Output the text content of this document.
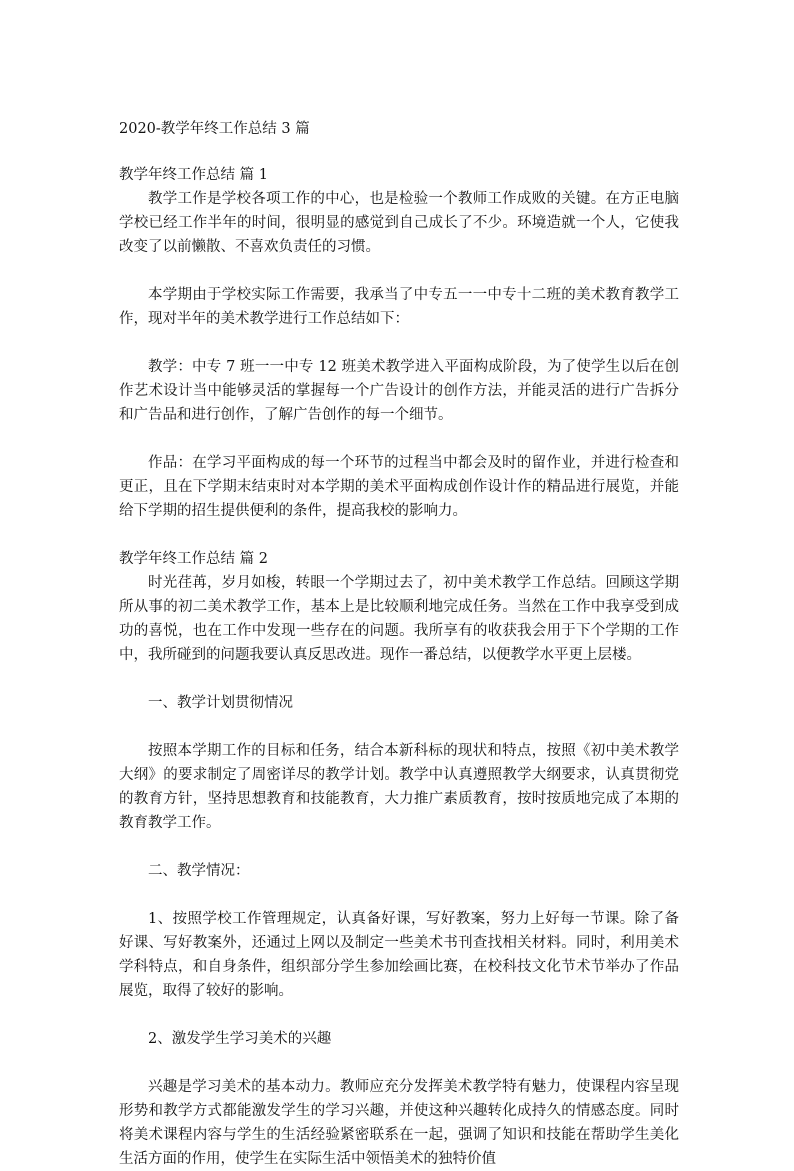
2020-教学年终工作总结 3 篇

教学年终工作总结 篇 1

教学工作是学校各项工作的中心，也是检验一个教师工作成败的关键。在方正电脑学校已经工作半年的时间，很明显的感觉到自己成长了不少。环境造就一个人，它使我改变了以前懒散、不喜欢负责任的习惯。

本学期由于学校实际工作需要，我承当了中专五一一中专十二班的美术教育教学工作，现对半年的美术教学进行工作总结如下：

教学：中专 7 班一一中专 12 班美术教学进入平面构成阶段，为了使学生以后在创作艺术设计当中能够灵活的掌握每一个广告设计的创作方法，并能灵活的进行广告拆分和广告品和进行创作，了解广告创作的每一个细节。

作品：在学习平面构成的每一个环节的过程当中都会及时的留作业，并进行检查和更正，且在下学期末结束时对本学期的美术平面构成创作设计作的精品进行展览，并能给下学期的招生提供便利的条件，提高我校的影响力。

教学年终工作总结 篇 2

时光荏苒，岁月如梭，转眼一个学期过去了，初中美术教学工作总结。回顾这学期所从事的初二美术教学工作，基本上是比较顺利地完成任务。当然在工作中我享受到成功的喜悦，也在工作中发现一些存在的问题。我所享有的收获我会用于下个学期的工作中，我所碰到的问题我要认真反思改进。现作一番总结，以便教学水平更上层楼。

一、教学计划贯彻情况

按照本学期工作的目标和任务，结合本新科标的现状和特点，按照《初中美术教学大纲》的要求制定了周密详尽的教学计划。教学中认真遵照教学大纲要求，认真贯彻党的教育方针，坚持思想教育和技能教育，大力推广素质教育，按时按质地完成了本期的教育教学工作。

二、教学情况：

1、按照学校工作管理规定，认真备好课，写好教案，努力上好每一节课。除了备好课、写好教案外，还通过上网以及制定一些美术书刊查找相关材料。同时，利用美术学科特点，和自身条件，组织部分学生参加绘画比赛，在校科技文化节术节举办了作品展览，取得了较好的影响。

2、激发学生学习美术的兴趣

兴趣是学习美术的基本动力。教师应充分发挥美术教学特有魅力，使课程内容呈现形势和教学方式都能激发学生的学习兴趣，并使这种兴趣转化成持久的情感态度。同时将美术课程内容与学生的生活经验紧密联系在一起，强调了知识和技能在帮助学生美化生活方面的作用，使学生在实际生活中领悟美术的独特价值
